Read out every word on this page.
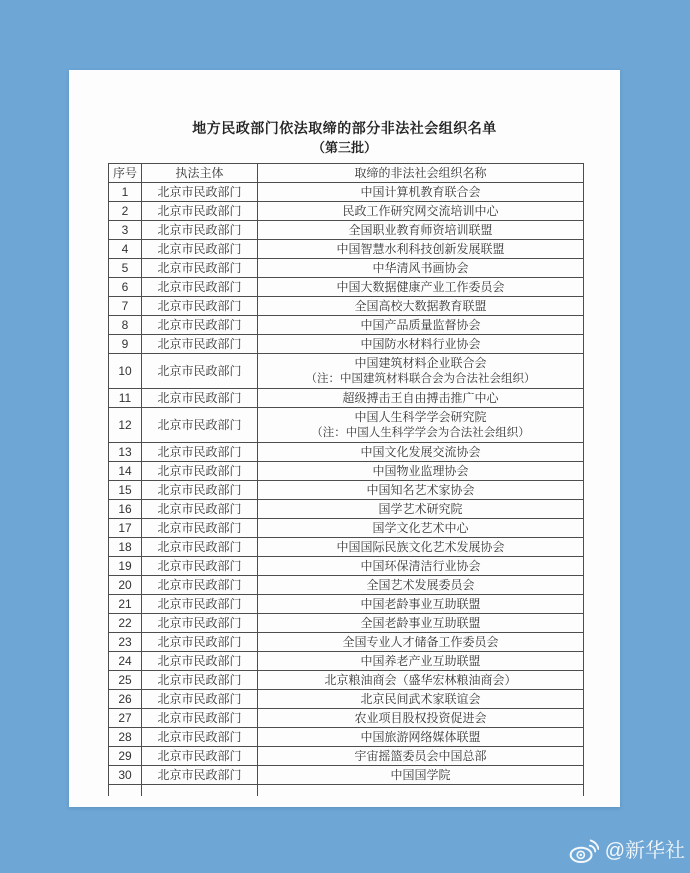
地方民政部门依法取缔的部分非法社会组织名单
（第三批）
序号	执法主体	取缔的非法社会组织名称
1	北京市民政部门	中国计算机教育联合会

2	北京市民政部门	民政工作研究网交流培训中心

3	北京市民政部门	全国职业教育师资培训联盟

4	北京市民政部门	中国智慧水利科技创新发展联盟

5	北京市民政部门	中华清风书画协会

6	北京市民政部门	中国大数据健康产业工作委员会

7	北京市民政部门	全国高校大数据教育联盟

8	北京市民政部门	中国产品质量监督协会

9	北京市民政部门	中国防水材料行业协会

10	北京市民政部门	中国建筑材料企业联合会
（注：中国建筑材料联合会为合法社会组织）

11	北京市民政部门	超级搏击王自由搏击推广中心

12	北京市民政部门	中国人生科学学会研究院
（注：中国人生科学学会为合法社会组织）

13	北京市民政部门	中国文化发展交流协会

14	北京市民政部门	中国物业监理协会

15	北京市民政部门	中国知名艺术家协会

16	北京市民政部门	国学艺术研究院

17	北京市民政部门	国学文化艺术中心

18	北京市民政部门	中国国际民族文化艺术发展协会

19	北京市民政部门	中国环保清洁行业协会

20	北京市民政部门	全国艺术发展委员会

21	北京市民政部门	中国老龄事业互助联盟

22	北京市民政部门	全国老龄事业互助联盟

23	北京市民政部门	全国专业人才储备工作委员会

24	北京市民政部门	中国养老产业互助联盟

25	北京市民政部门	北京粮油商会（盛华宏林粮油商会）

26	北京市民政部门	北京民间武术家联谊会

27	北京市民政部门	农业项目股权投资促进会

28	北京市民政部门	中国旅游网络媒体联盟

29	北京市民政部门	宇宙摇篮委员会中国总部

30	北京市民政部门	中国国学院

@新华社
